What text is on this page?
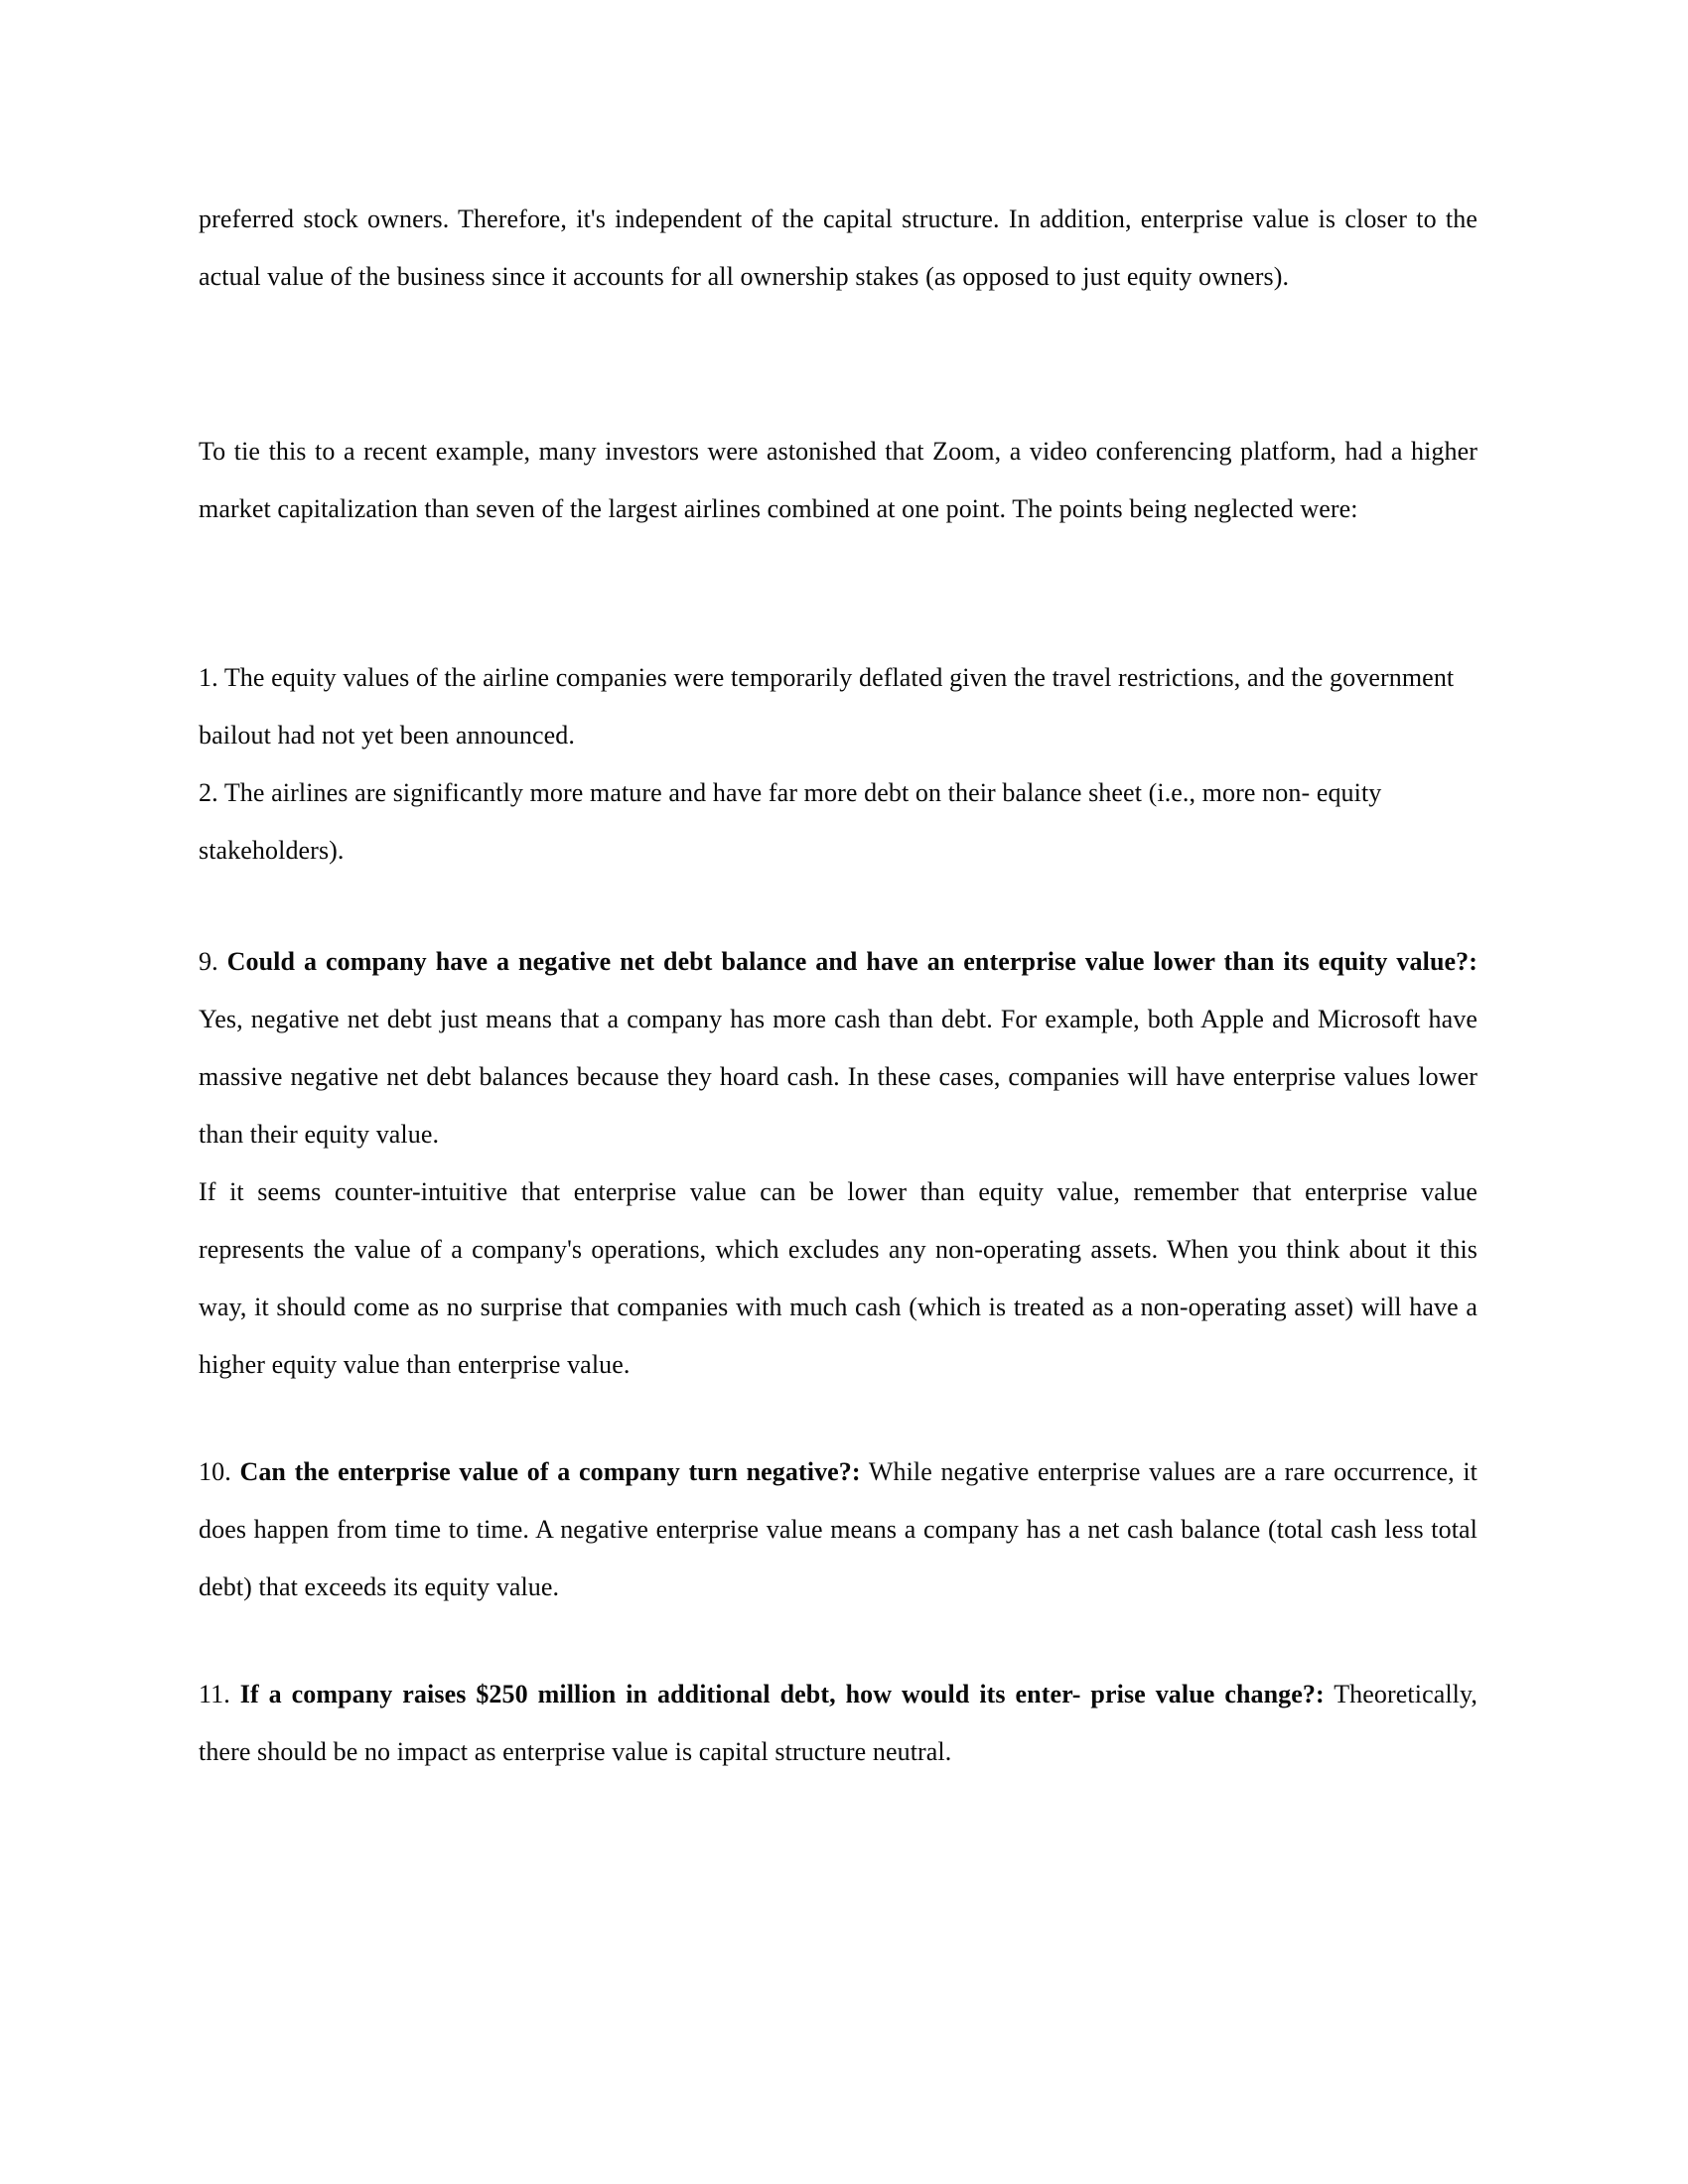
preferred stock owners. Therefore, it's independent of the capital structure. In addition, enterprise value is closer to the actual value of the business since it accounts for all ownership stakes (as opposed to just equity owners).

To tie this to a recent example, many investors were astonished that Zoom, a video conferencing platform, had a higher market capitalization than seven of the largest airlines combined at one point. The points being neglected were:

1. The equity values of the airline companies were temporarily deflated given the travel restrictions, and the government bailout had not yet been announced.
2. The airlines are significantly more mature and have far more debt on their balance sheet (i.e., more non- equity stakeholders).

9. Could a company have a negative net debt balance and have an enterprise value lower than its equity value?: Yes, negative net debt just means that a company has more cash than debt. For example, both Apple and Microsoft have massive negative net debt balances because they hoard cash. In these cases, companies will have enterprise values lower than their equity value.
If it seems counter-intuitive that enterprise value can be lower than equity value, remember that enterprise value represents the value of a company's operations, which excludes any non-operating assets. When you think about it this way, it should come as no surprise that companies with much cash (which is treated as a non-operating asset) will have a higher equity value than enterprise value.

10. Can the enterprise value of a company turn negative?: While negative enterprise values are a rare occurrence, it does happen from time to time. A negative enterprise value means a company has a net cash balance (total cash less total debt) that exceeds its equity value.

11. If a company raises $250 million in additional debt, how would its enter- prise value change?: Theoretically, there should be no impact as enterprise value is capital structure neutral.
